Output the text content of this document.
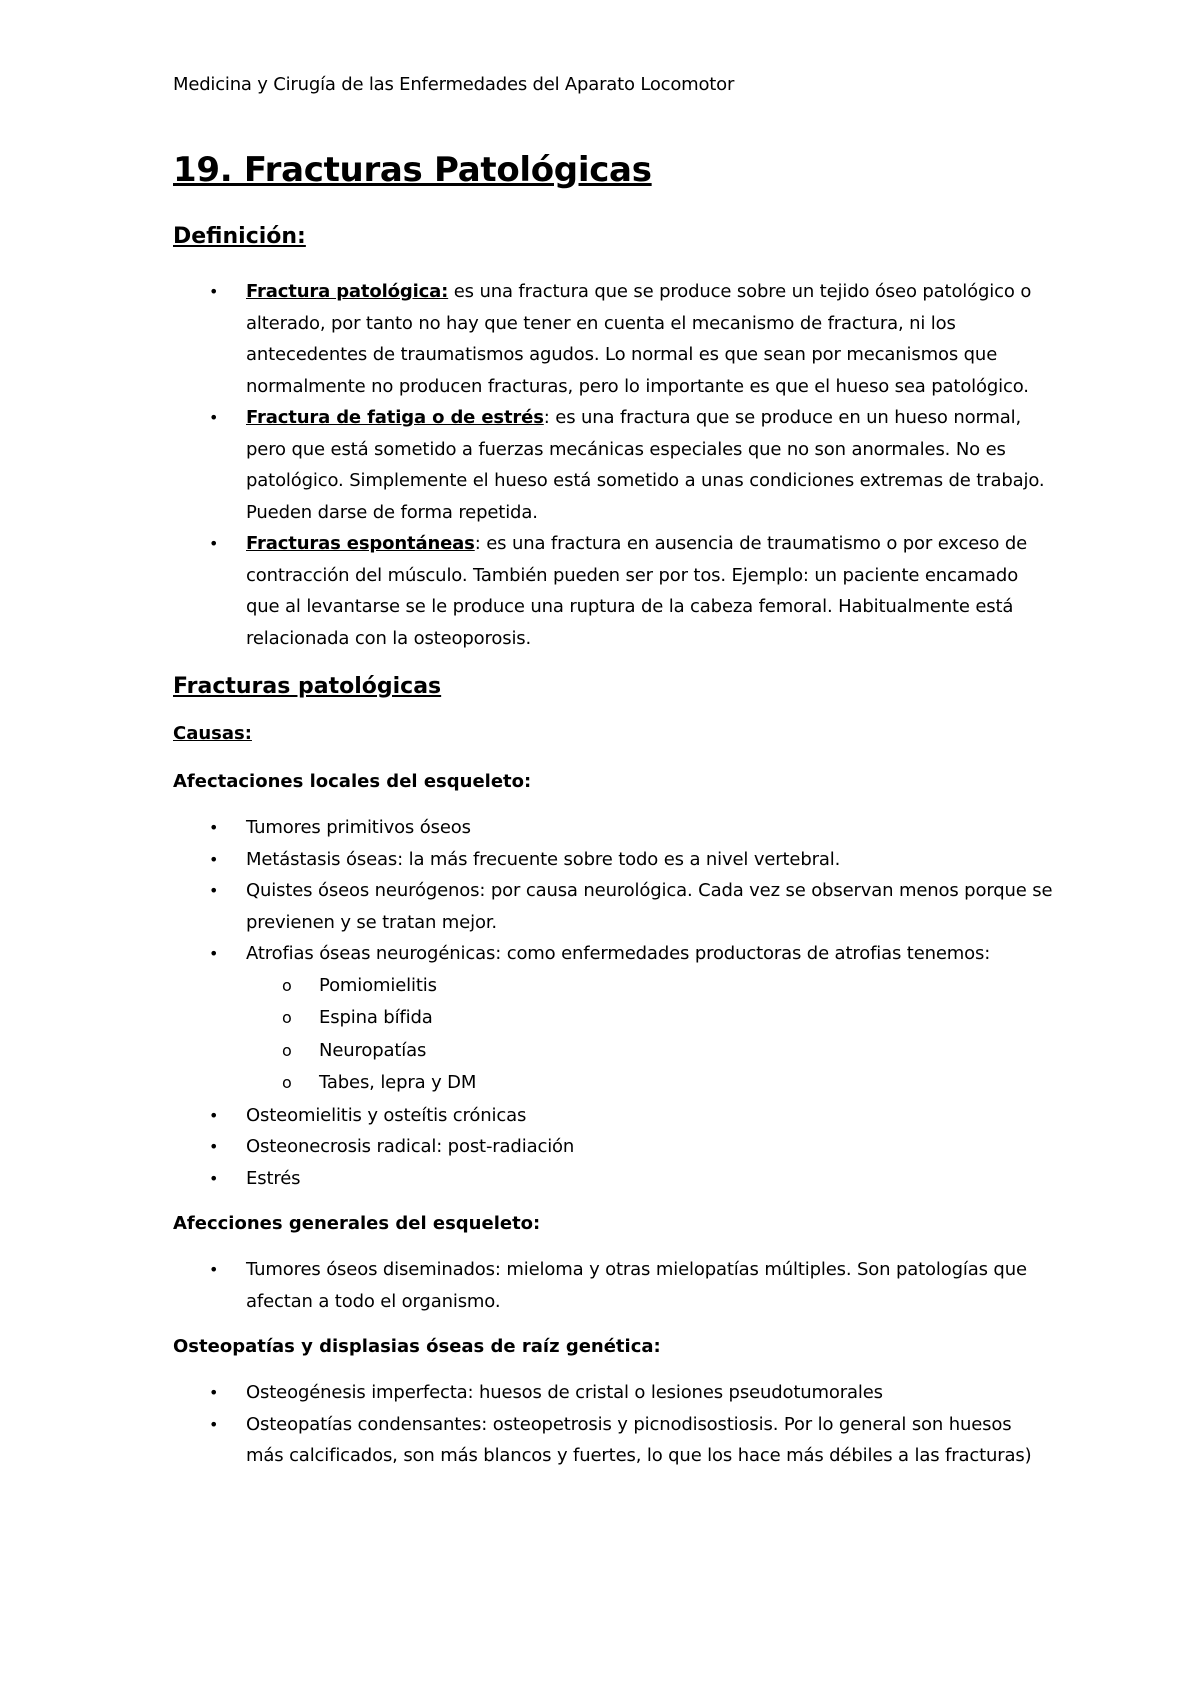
Medicina y Cirugía de las Enfermedades del Aparato Locomotor
19. Fracturas Patológicas
Definición:
• Fractura patológica: es una fractura que se produce sobre un tejido óseo patológico o alterado, por tanto no hay que tener en cuenta el mecanismo de fractura, ni los antecedentes de traumatismos agudos. Lo normal es que sean por mecanismos que normalmente no producen fracturas, pero lo importante es que el hueso sea patológico.
• Fractura de fatiga o de estrés: es una fractura que se produce en un hueso normal, pero que está sometido a fuerzas mecánicas especiales que no son anormales. No es patológico. Simplemente el hueso está sometido a unas condiciones extremas de trabajo. Pueden darse de forma repetida.
• Fracturas espontáneas: es una fractura en ausencia de traumatismo o por exceso de contracción del músculo. También pueden ser por tos. Ejemplo: un paciente encamado que al levantarse se le produce una ruptura de la cabeza femoral. Habitualmente está relacionada con la osteoporosis.
Fracturas patológicas
Causas:
Afectaciones locales del esqueleto:
• Tumores primitivos óseos
• Metástasis óseas: la más frecuente sobre todo es a nivel vertebral.
• Quistes óseos neurógenos: por causa neurológica. Cada vez se observan menos porque se previenen y se tratan mejor.
• Atrofias óseas neurogénicas: como enfermedades productoras de atrofias tenemos:
o Pomiomielitis
o Espina bífida
o Neuropatías
o Tabes, lepra y DM
• Osteomielitis y osteítis crónicas
• Osteonecrosis radical: post-radiación
• Estrés
Afecciones generales del esqueleto:
• Tumores óseos diseminados: mieloma y otras mielopatías múltiples. Son patologías que afectan a todo el organismo.
Osteopatías y displasias óseas de raíz genética:
• Osteogénesis imperfecta: huesos de cristal o lesiones pseudotumorales
• Osteopatías condensantes: osteopetrosis y picnodisostiosis. Por lo general son huesos más calcificados, son más blancos y fuertes, lo que los hace más débiles a las fracturas)
